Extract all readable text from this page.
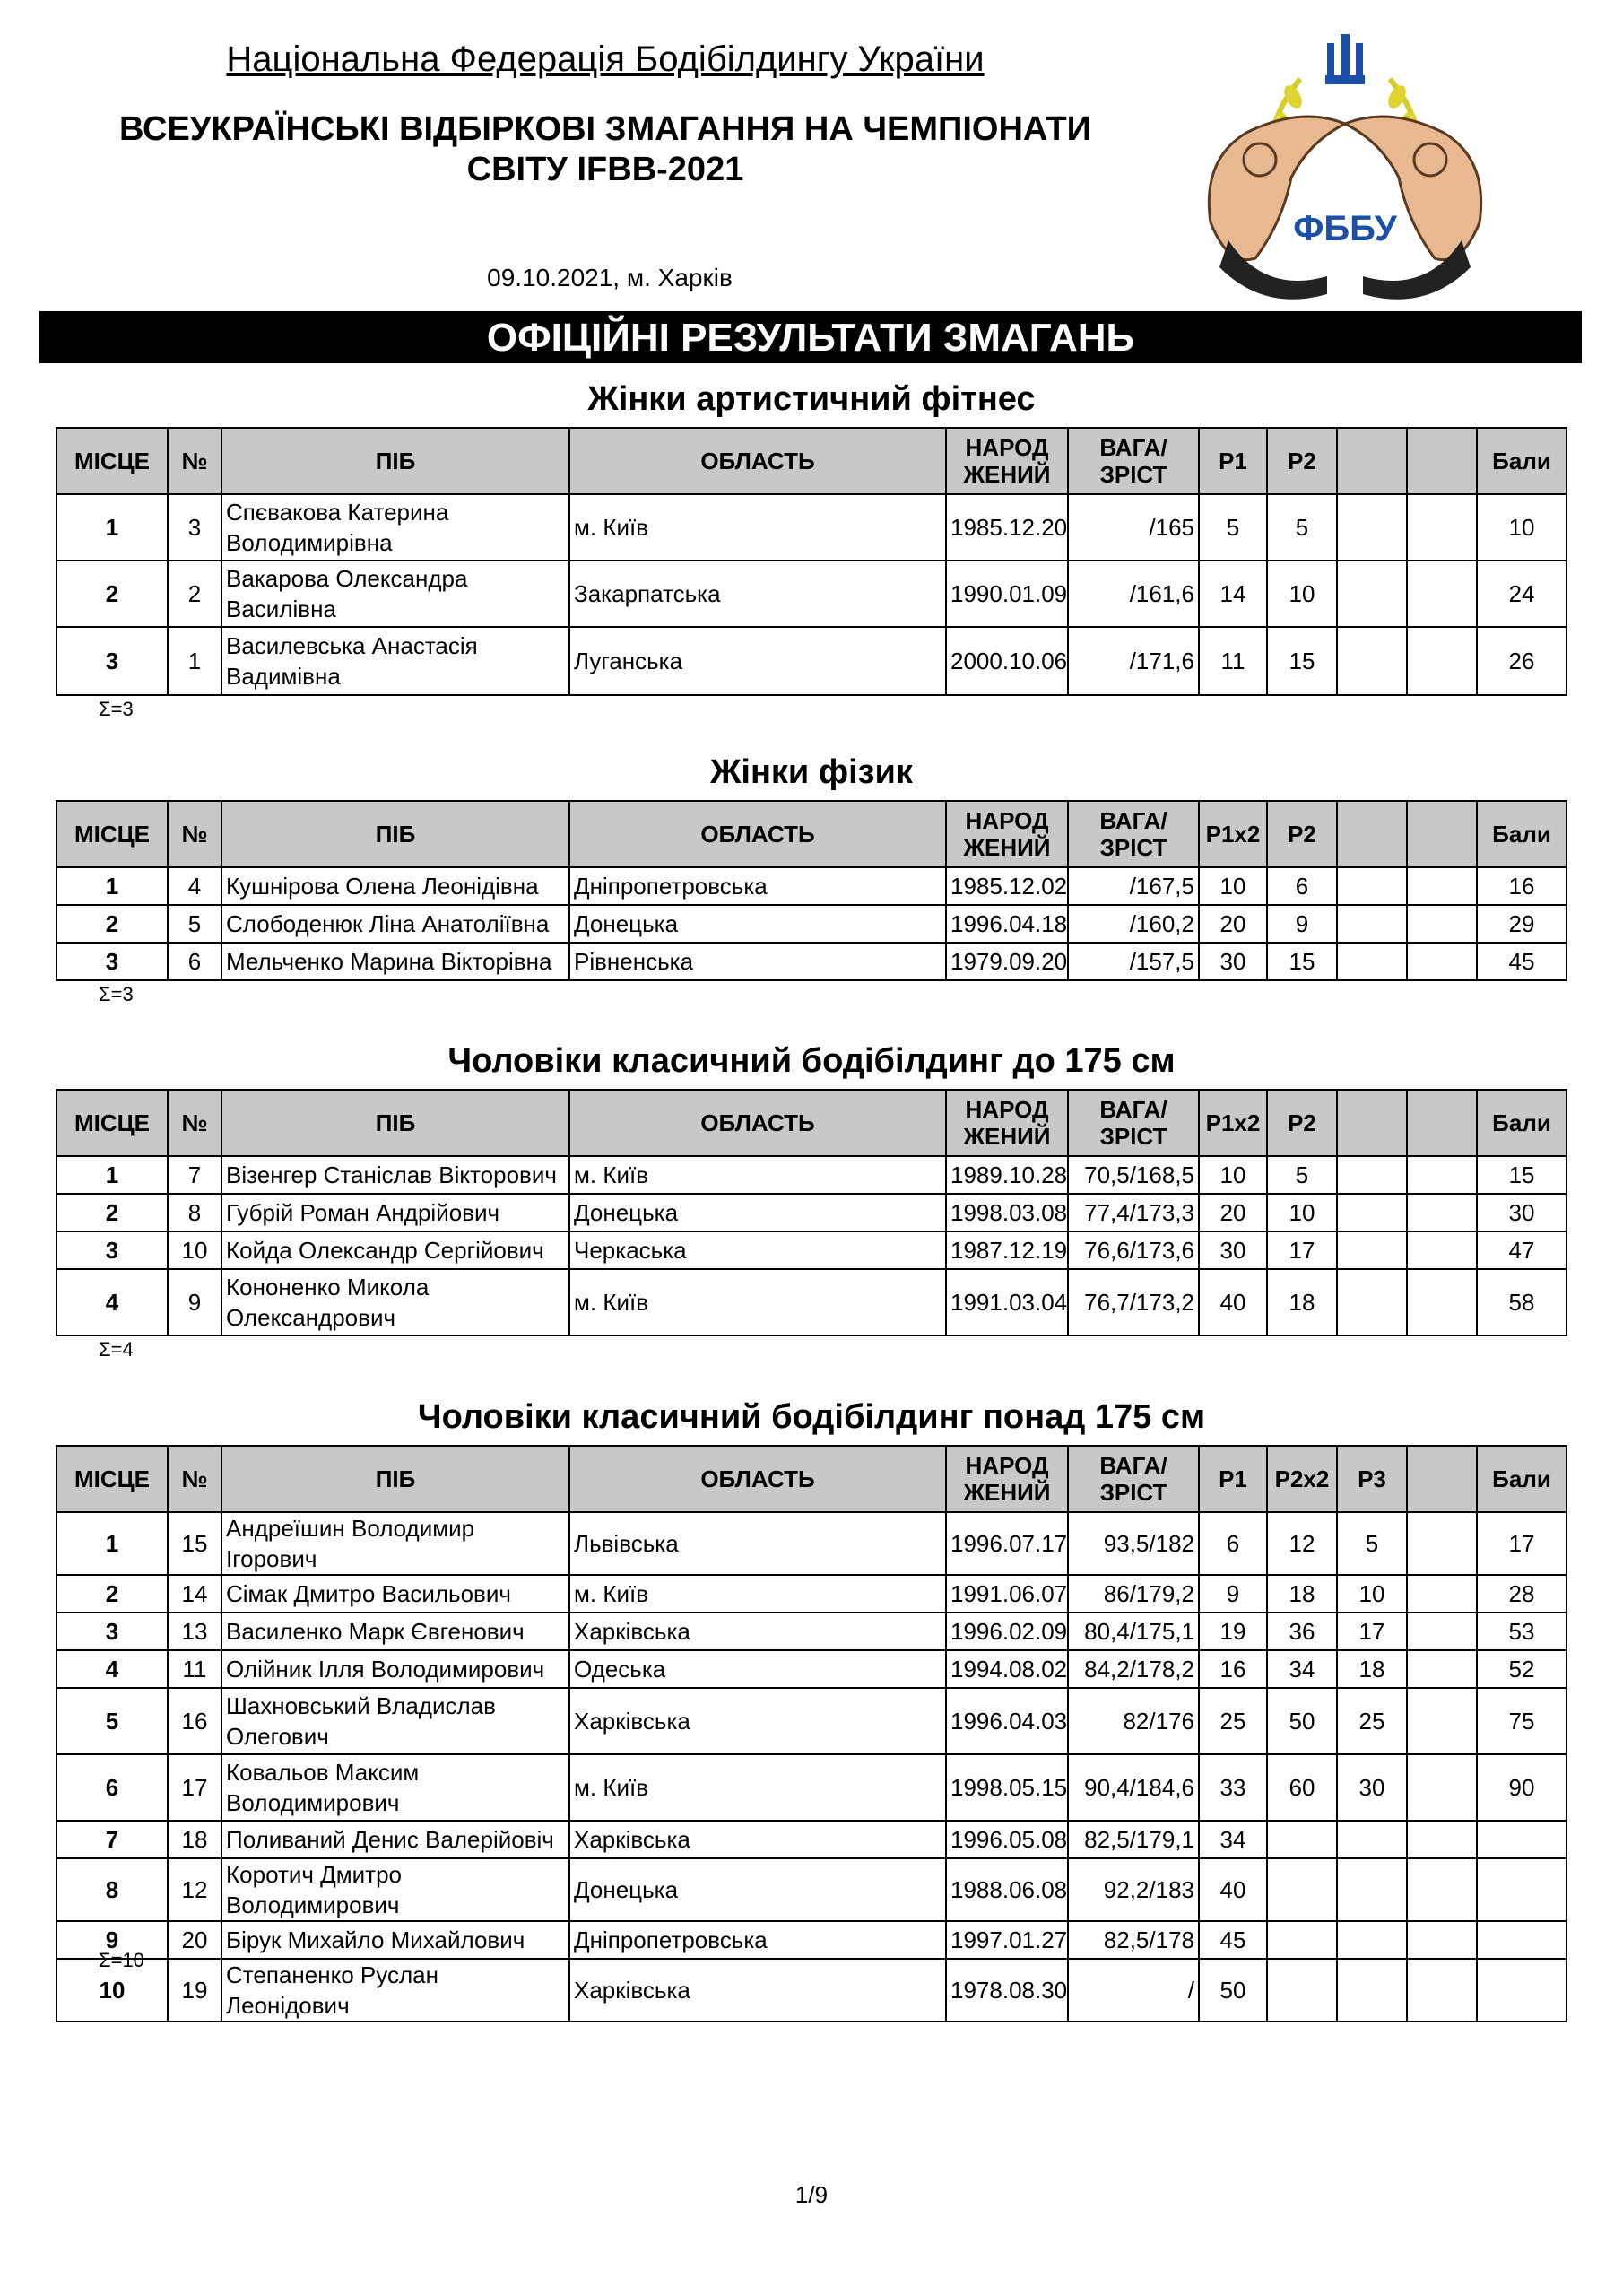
Національна Федерація Бодібілдингу України
ВСЕУКРАЇНСЬКІ ВІДБІРКОВІ ЗМАГАННЯ НА ЧЕМПІОНАТИ
СВІТУ IFBB-2021
09.10.2021, м. Харків
ФББУ
ОФІЦІЙНІ РЕЗУЛЬТАТИ ЗМАГАНЬ
Жінки артистичний фітнес
МІСЦЕ	№	ПІБ	ОБЛАСТЬ	НАРОД ЖЕНИЙ	ВАГА/ ЗРІСТ	P1	P2			Бали
1	3	Спєвакова Катерина Володимирівна	м. Київ	1985.12.20	/165	5	5			10
2	2	Вакарова Олександра Василівна	Закарпатська	1990.01.09	/161,6	14	10			24
3	1	Василевська Анастасія Вадимівна	Луганська	2000.10.06	/171,6	11	15			26
Σ=3
Жінки фізик
МІСЦЕ	№	ПІБ	ОБЛАСТЬ	НАРОД ЖЕНИЙ	ВАГА/ ЗРІСТ	P1x2	P2			Бали
1	4	Кушнірова Олена Леонідівна	Дніпропетровська	1985.12.02	/167,5	10	6			16
2	5	Слободенюк Ліна Анатоліївна	Донецька	1996.04.18	/160,2	20	9			29
3	6	Мельченко Марина Вікторівна	Рівненська	1979.09.20	/157,5	30	15			45
Σ=3
Чоловіки класичний бодібілдинг до 175 см
МІСЦЕ	№	ПІБ	ОБЛАСТЬ	НАРОД ЖЕНИЙ	ВАГА/ ЗРІСТ	P1x2	P2			Бали
1	7	Візенгер Станіслав Вікторович	м. Київ	1989.10.28	70,5/168,5	10	5			15
2	8	Губрій Роман Андрійович	Донецька	1998.03.08	77,4/173,3	20	10			30
3	10	Койда Олександр Сергійович	Черкаська	1987.12.19	76,6/173,6	30	17			47
4	9	Кононенко Микола Олександрович	м. Київ	1991.03.04	76,7/173,2	40	18			58
Σ=4
Чоловіки класичний бодібілдинг понад 175 см
МІСЦЕ	№	ПІБ	ОБЛАСТЬ	НАРОД ЖЕНИЙ	ВАГА/ ЗРІСТ	P1	P2x2	P3		Бали
1	15	Андреїшин Володимир Ігорович	Львівська	1996.07.17	93,5/182	6	12	5		17
2	14	Сімак Дмитро Васильович	м. Київ	1991.06.07	86/179,2	9	18	10		28
3	13	Василенко Марк Євгенович	Харківська	1996.02.09	80,4/175,1	19	36	17		53
4	11	Олійник Ілля Володимирович	Одеська	1994.08.02	84,2/178,2	16	34	18		52
5	16	Шахновський Владислав Олегович	Харківська	1996.04.03	82/176	25	50	25		75
6	17	Ковальов Максим Володимирович	м. Київ	1998.05.15	90,4/184,6	33	60	30		90
7	18	Поливаний Денис Валерійовіч	Харківська	1996.05.08	82,5/179,1	34				
8	12	Коротич Дмитро Володимирович	Донецька	1988.06.08	92,2/183	40				
9	20	Бірук Михайло Михайлович	Дніпропетровська	1997.01.27	82,5/178	45				
10	19	Степаненко Руслан Леонідович	Харківська	1978.08.30	/	50				
Σ=10
1/9
